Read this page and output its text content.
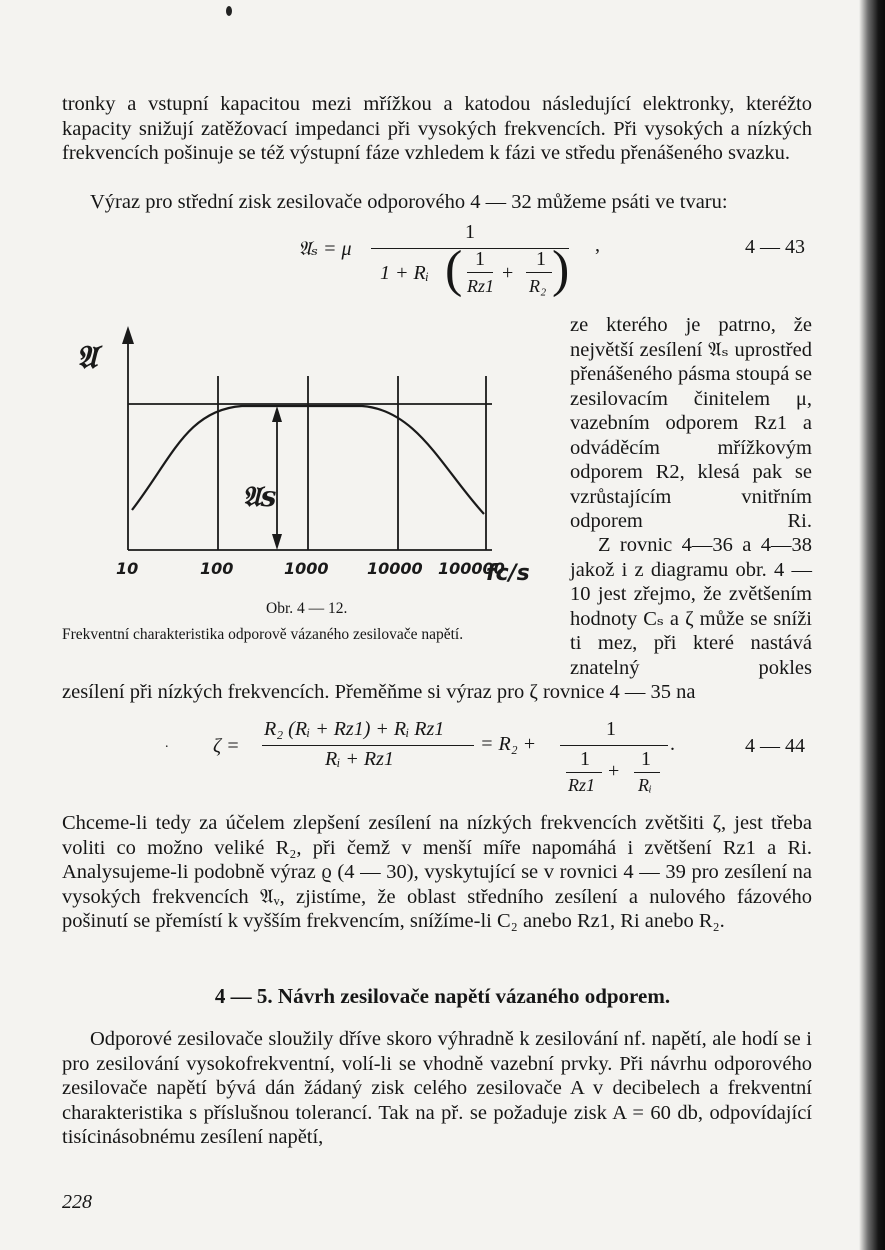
tronky a vstupní kapacitou mezi mřížkou a katodou následující elektronky, kteréžto kapacity snižují zatěžovací impedanci při vysokých frekvencích. Při vysokých a nízkých frekvencích pošinuje se též výstupní fáze vzhledem k fázi ve středu přenášeného svazku.
Výraz pro střední zisk zesilovače odporového 4 — 32 můžeme psáti ve tvaru:
𝔄ₛ = μ
1
1 + Rᵢ ( 1
Rz1
+
1
R₂ ) ,	4 — 43
𝔄
𝔄s
10	100	1000 10000 100000
fc/s
Obr. 4 — 12.
Frekventní charakteristika odporově vázaného zesilovače napětí.
ze kterého je patrno, že největší zesílení 𝔄ₛ uprostřed přenášeného pásma stoupá se zesilovacím činitelem μ, vazebním odporem Rz1 a odváděcím mřížkovým odporem R2, klesá pak se vzrůstajícím vnitřním odporem Ri.
Z rovnic 4—36 a 4—38 jakož i z diagramu obr. 4 — 10 jest zřejmo, že zvětšením hodnoty Cₛ a ζ může se sníži
ti mez, při které nastává znatelný pokles
zesílení při nízkých frekvencích. Přeměňme si výraz pro ζ rovnice 4 — 35 na
. ζ =
R₂ (Rᵢ + Rz1) + Rᵢ Rz1
Rᵢ + Rz1
= R₂ +
1
1
Rz1
+
1
Rᵢ
.	4 — 44
Chceme-li tedy za účelem zlepšení zesílení na nízkých frekvencích zvětšiti ζ, jest třeba voliti co možno veliké R₂, při čemž v menší míře napomáhá i zvětšení Rz1 a Ri. Analysujeme-li podobně výraz ϱ (4 — 30), vyskytující se v rovnici 4 — 39 pro zesílení na vysokých frekvencích 𝔄ᵥ, zjistíme, že oblast středního zesílení a nulového fázového pošinutí se přemístí k vyšším frekvencím, snížíme-li C₂ anebo Rz1, Ri anebo R₂.
4 — 5. Návrh zesilovače napětí vázaného odporem.
Odporové zesilovače sloužily dříve skoro výhradně k zesilování nf. napětí, ale hodí se i pro zesilování vysokofrekventní, volí-li se vhodně vazební prvky. Při návrhu odporového zesilovače napětí bývá dán žádaný zisk celého zesilovače A v decibelech a frekventní charakteristika s příslušnou tolerancí. Tak na př. se požaduje zisk A = 60 db, odpovídající tisícinásobnému zesílení napětí,
228
